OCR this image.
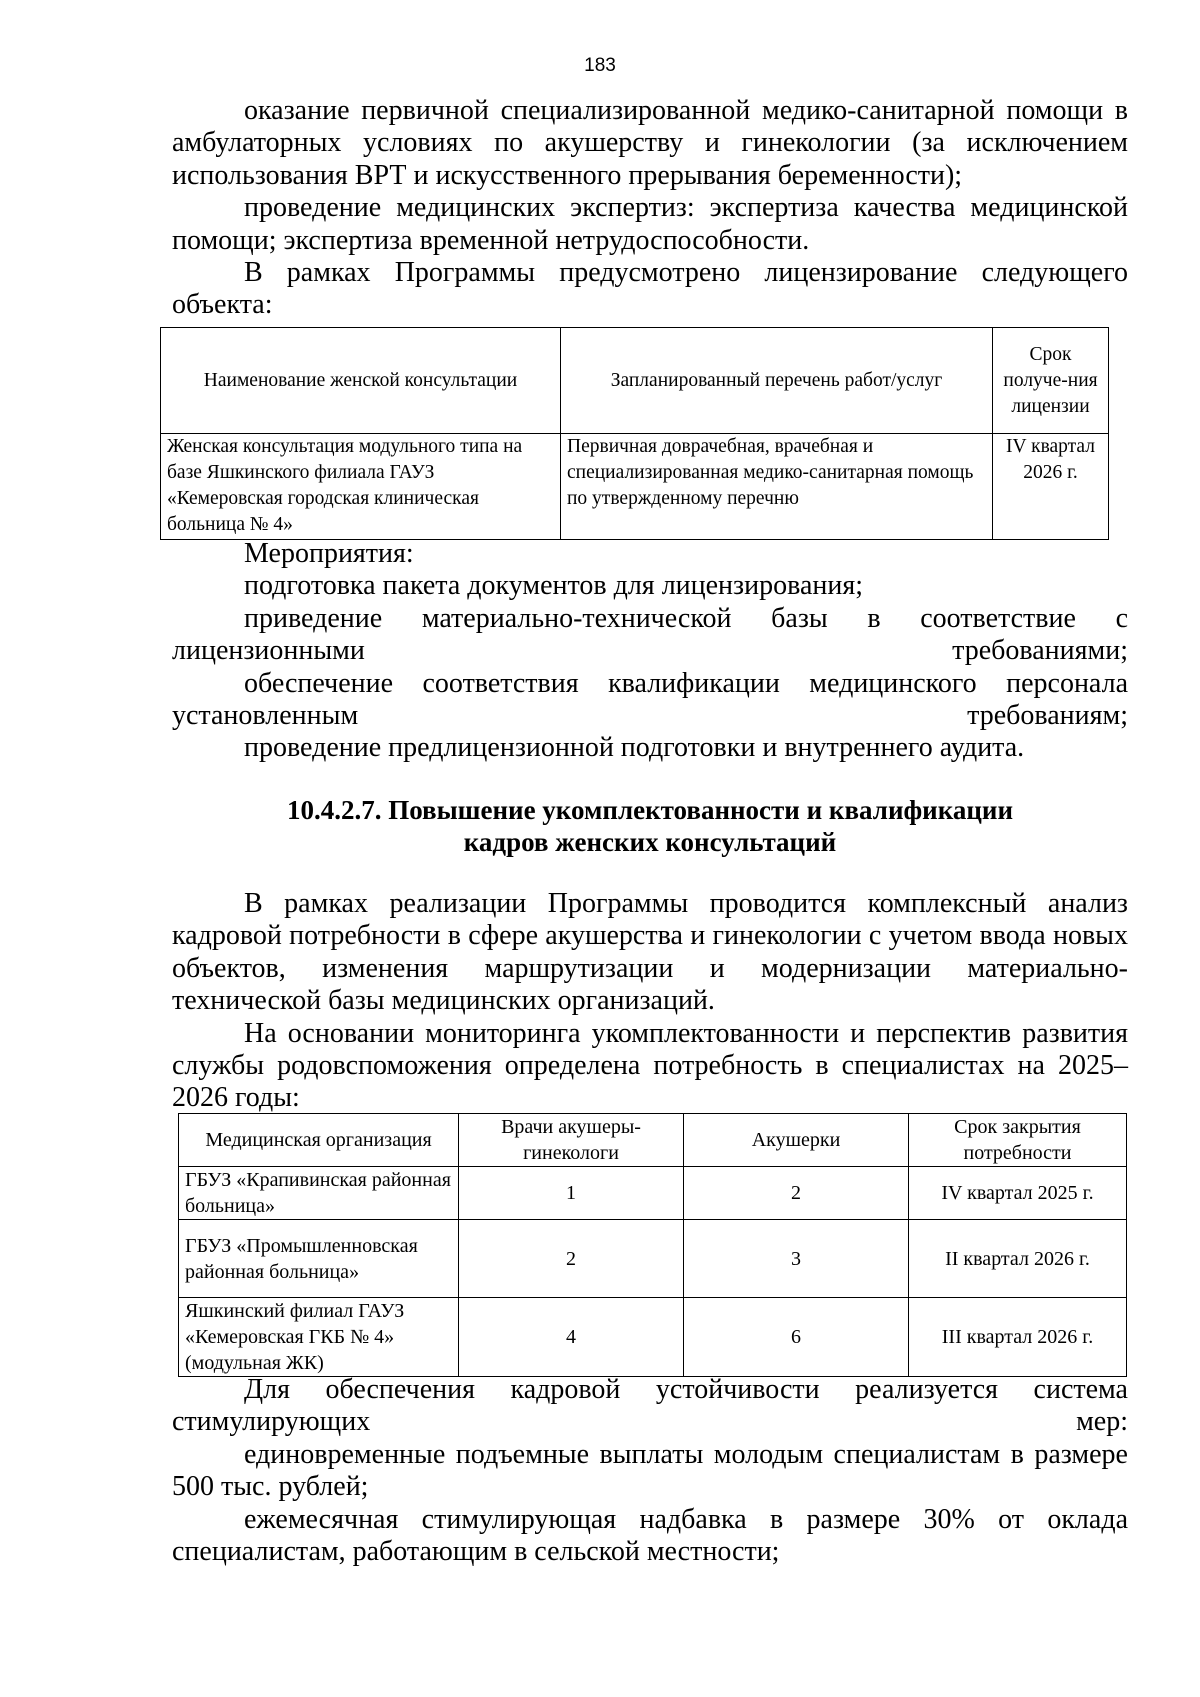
183

оказание первичной специализированной медико-санитарной помощи в амбулаторных условиях по акушерству и гинекологии (за исключением использования ВРТ и искусственного прерывания беременности);

проведение медицинских экспертиз: экспертиза качества медицинской помощи; экспертиза временной нетрудоспособности.

В рамках Программы предусмотрено лицензирование следующего объекта:

Наименование женской консультации	Запланированный перечень работ/услуг	Срок получе-ния лицензии
Женская консультация модульного типа на базе Яшкинского филиала ГАУЗ «Кемеровская городская клиническая больница № 4»	Первичная доврачебная, врачебная и специализированная медико-санитарная помощь по утвержденному перечню	IV квартал 2026 г.

Мероприятия:

подготовка пакета документов для лицензирования;

приведение материально-технической базы в соответствие с лицензионными требованиями;

обеспечение соответствия квалификации медицинского персонала установленным требованиям;

проведение предлицензионной подготовки и внутреннего аудита.

10.4.2.7. Повышение укомплектованности и квалификации
кадров женских консультаций

В рамках реализации Программы проводится комплексный анализ кадровой потребности в сфере акушерства и гинекологии с учетом ввода новых объектов, изменения маршрутизации и модернизации материально-технической базы медицинских организаций.

На основании мониторинга укомплектованности и перспектив развития службы родовспоможения определена потребность в специалистах на 2025–2026 годы:

Медицинская организация	Врачи акушеры-гинекологи	Акушерки	Срок закрытия потребности
ГБУЗ «Крапивинская районная больница»	1	2	IV квартал 2025 г.
ГБУЗ «Промышленновская районная больница»	2	3	II квартал 2026 г.
Яшкинский филиал ГАУЗ «Кемеровская ГКБ № 4» (модульная ЖК)	4	6	III квартал 2026 г.

Для обеспечения кадровой устойчивости реализуется система стимулирующих мер:

единовременные подъемные выплаты молодым специалистам в размере 500 тыс. рублей;

ежемесячная стимулирующая надбавка в размере 30% от оклада специалистам, работающим в сельской местности;
